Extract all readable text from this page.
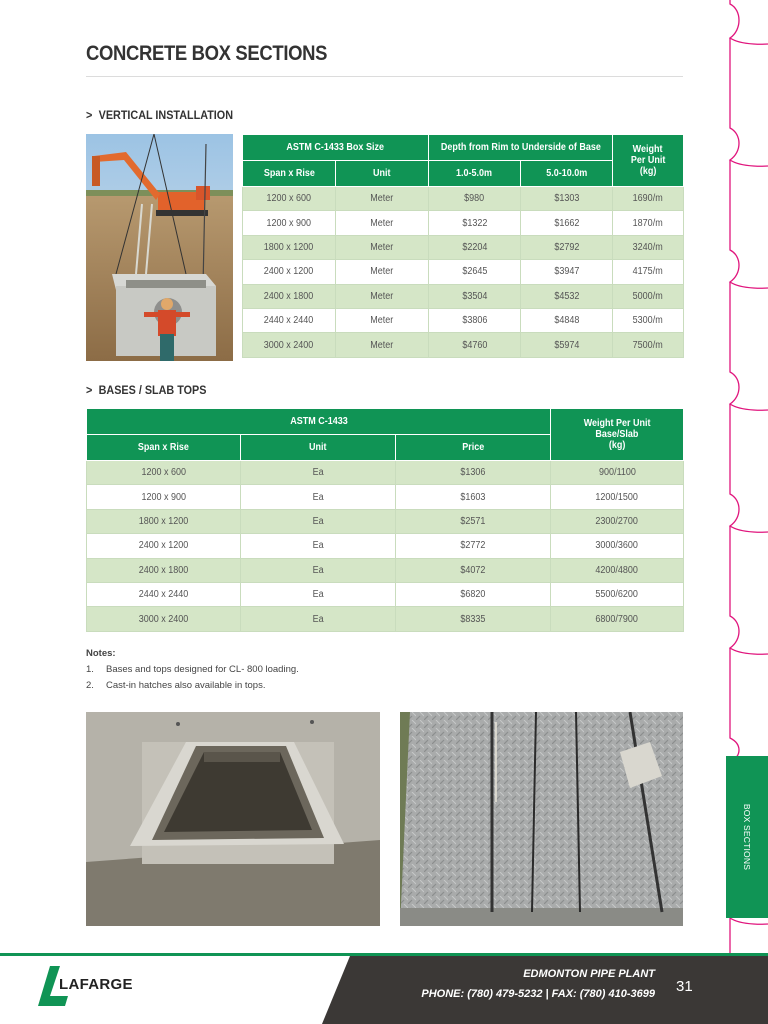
CONCRETE BOX SECTIONS
> VERTICAL INSTALLATION
ASTM C-1433 Box Size		Depth from Rim to Underside of Base		Weight
Per Unit
(kg)
Span x Rise	Unit	1.0-5.0m	5.0-10.0m	
1200 x 600	Meter	$980	$1303	1690/m
1200 x 900	Meter	$1322	$1662	1870/m
1800 x 1200	Meter	$2204	$2792	3240/m
2400 x 1200	Meter	$2645	$3947	4175/m
2400 x 1800	Meter	$3504	$4532	5000/m
2440 x 2440	Meter	$3806	$4848	5300/m
3000 x 2400	Meter	$4760	$5974	7500/m
> BASES / SLAB TOPS
ASTM C-1433			Weight Per Unit
Base/Slab
(kg)
Span x Rise	Unit	Price	
1200 x 600	Ea	$1306	900/1100
1200 x 900	Ea	$1603	1200/1500
1800 x 1200	Ea	$2571	2300/2700
2400 x 1200	Ea	$2772	3000/3600
2400 x 1800	Ea	$4072	4200/4800
2440 x 2440	Ea	$6820	5500/6200
3000 x 2400	Ea	$8335	6800/7900
Notes:
1. Bases and tops designed for CL- 800 loading.
2. Cast-in hatches also available in tops.
BOX SECTIONS
EDMONTON PIPE PLANT
PHONE: (780) 479-5232 | FAX: (780) 410-3699 31
LAFARGE
